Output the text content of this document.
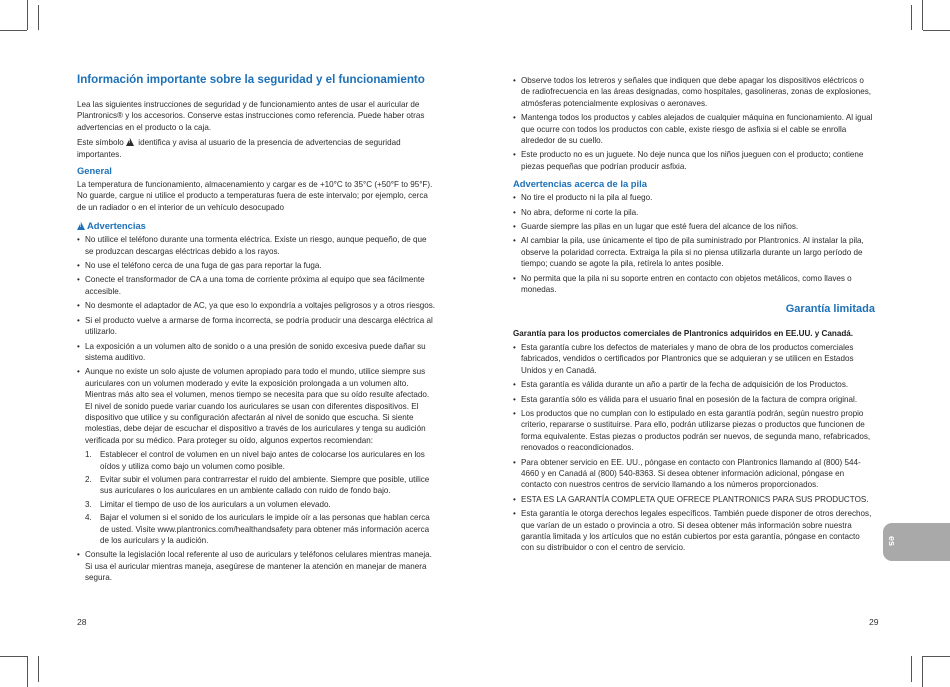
Información importante sobre la seguridad y el funcionamiento

Lea las siguientes instrucciones de seguridad y de funcionamiento antes de usar el auricular de Plantronics® y los accesorios. Conserve estas instrucciones como referencia. Puede haber otras advertencias en el producto o la caja.

Este símbolo ! identifica y avisa al usuario de la presencia de advertencias de seguridad importantes.

General

La temperatura de funcionamiento, almacenamiento y cargar es de +10°C to 35°C (+50°F to 95°F). No guarde, cargue ni utilice el producto a temperaturas fuera de este intervalo; por ejemplo, cerca de un radiador o en el interior de un vehículo desocupado

!Advertencias
• No utilice el teléfono durante una tormenta eléctrica. Existe un riesgo, aunque pequeño, de que se produzcan descargas eléctricas debido a los rayos.
• No use el teléfono cerca de una fuga de gas para reportar la fuga.
• Conecte el transformador de CA a una toma de corriente próxima al equipo que sea fácilmente accesible.
• No desmonte el adaptador de AC, ya que eso lo expondría a voltajes peligrosos y a otros riesgos.
• Si el producto vuelve a armarse de forma incorrecta, se podría producir una descarga eléctrica al utilizarlo.
• La exposición a un volumen alto de sonido o a una presión de sonido excesiva puede dañar su sistema auditivo.
• Aunque no existe un solo ajuste de volumen apropiado para todo el mundo, utilice siempre sus auriculares con un volumen moderado y evite la exposición prolongada a un volumen alto. Mientras más alto sea el volumen, menos tiempo se necesita para que su oído resulte afectado. El nivel de sonido puede variar cuando los auriculares se usan con diferentes dispositivos. El dispositivo que utilice y su configuración afectarán al nivel de sonido que escucha. Si siente molestias, debe dejar de escuchar el dispositivo a través de los auriculares y tenga su audición verificada por su médico. Para proteger su oído, algunos expertos recomiendan:
1. Establecer el control de volumen en un nivel bajo antes de colocarse los auriculares en los oídos y utiliza como bajo un volumen como posible.
2. Evitar subir el volumen para contrarrestar el ruido del ambiente. Siempre que posible, utilice sus auriculares o los auriculares en un ambiente callado con ruido de fondo bajo.
3. Limitar el tiempo de uso de los auriculars a un volumen elevado.
4. Bajar el volumen si el sonido de los auriculars le impide oír a las personas que hablan cerca de usted. Visite www.plantronics.com/healthandsafety para obtener más información acerca de los auriculars y la audición.
• Consulte la legislación local referente al uso de auriculars y teléfonos celulares mientras maneja. Si usa el auricular mientras maneja, asegúrese de mantener la atención en manejar de manera segura.
28
• Observe todos los letreros y señales que indiquen que debe apagar los dispositivos eléctricos o de radiofrecuencia en las áreas designadas, como hospitales, gasolineras, zonas de explosiones, atmósferas potencialmente explosivas o aeronaves.
• Mantenga todos los productos y cables alejados de cualquier máquina en funcionamiento. Al igual que ocurre con todos los productos con cable, existe riesgo de asfixia si el cable se enrolla alrededor de su cuello.
• Este producto no es un juguete. No deje nunca que los niños jueguen con el producto; contiene piezas pequeñas que podrían producir asfixia.
Advertencias acerca de la pila
• No tire el producto ni la pila al fuego.
• No abra, deforme ni corte la pila.
• Guarde siempre las pilas en un lugar que esté fuera del alcance de los niños.
• Al cambiar la pila, use únicamente el tipo de pila suministrado por Plantronics. Al instalar la pila, observe la polaridad correcta. Extraiga la pila si no piensa utilizarla durante un largo período de tiempo; cuando se agote la pila, retírela lo antes posible.
• No permita que la pila ni su soporte entren en contacto con objetos metálicos, como llaves o monedas.
Garantía limitada

Garantía para los productos comerciales de Plantronics adquiridos en EE.UU. y Canadá.

• Esta garantía cubre los defectos de materiales y mano de obra de los productos comerciales fabricados, vendidos o certificados por Plantronics que se adquieran y se utilicen en Estados Unidos y en Canadá.
• Esta garantía es válida durante un año a partir de la fecha de adquisición de los Productos.
• Esta garantía sólo es válida para el usuario final en posesión de la factura de compra original.
• Los productos que no cumplan con lo estipulado en esta garantía podrán, según nuestro propio criterio, repararse o sustituirse. Para ello, podrán utilizarse piezas o productos que funcionen de forma equivalente. Estas piezas o productos podrán ser nuevos, de segunda mano, refabricados, renovados o reacondicionados.
• Para obtener servicio en EE. UU., póngase en contacto con Plantronics llamando al (800) 544-4660 y en Canadá al (800) 540-8363. Si desea obtener información adicional, póngase en contacto con nuestros centros de servicio llamando a los números proporcionados.
• ESTA ES LA GARANTÍA COMPLETA QUE OFRECE PLANTRONICS PARA SUS PRODUCTOS.
• Esta garantía le otorga derechos legales específicos. También puede disponer de otros derechos, que varían de un estado o provincia a otro. Si desea obtener más información sobre nuestra garantía limitada y los artículos que no están cubiertos por esta garantía, póngase en contacto con su distribuidor o con el centro de servicio.
29
es
